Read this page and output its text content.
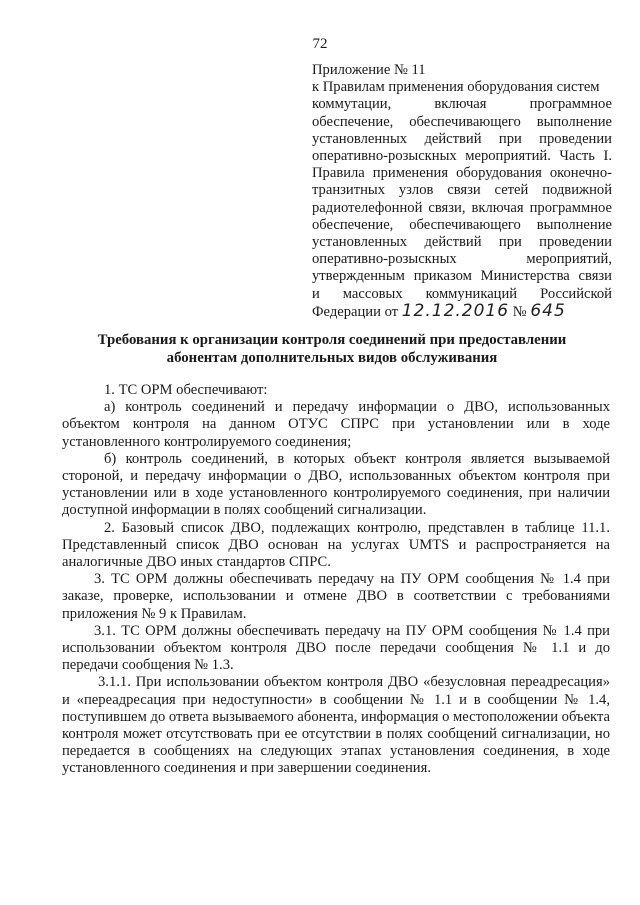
72
Приложение № 11
к Правилам применения оборудования систем
коммутации, включая программное
обеспечение, обеспечивающего выполнение
установленных действий при проведении
оперативно-розыскных мероприятий. Часть I.
Правила применения оборудования оконечно-
транзитных узлов связи сетей подвижной
радиотелефонной связи, включая программное
обеспечение, обеспечивающего выполнение
установленных действий при проведении
оперативно-розыскных мероприятий,
утвержденным приказом Министерства связи
и массовых коммуникаций Российской
Федерации от 12.12.2016 № 645
Требования к организации контроля соединений при предоставлении
абонентам дополнительных видов обслуживания

1. ТС ОРМ обеспечивают:

а) контроль соединений и передачу информации о ДВО, использованных объектом контроля на данном ОТУС СПРС при установлении или в ходе установленного контролируемого соединения;

б) контроль соединений, в которых объект контроля является вызываемой стороной, и передачу информации о ДВО, использованных объектом контроля при установлении или в ходе установленного контролируемого соединения, при наличии доступной информации в полях сообщений сигнализации.

2. Базовый список ДВО, подлежащих контролю, представлен в таблице 11.1. Представленный список ДВО основан на услугах UMTS и распространяется на аналогичные ДВО иных стандартов СПРС.

3. ТС ОРМ должны обеспечивать передачу на ПУ ОРМ сообщения № 1.4 при заказе, проверке, использовании и отмене ДВО в соответствии с требованиями приложения № 9 к Правилам.

3.1. ТС ОРМ должны обеспечивать передачу на ПУ ОРМ сообщения № 1.4 при использовании объектом контроля ДВО после передачи сообщения № 1.1 и до передачи сообщения № 1.3.

3.1.1. При использовании объектом контроля ДВО «безусловная переадресация» и «переадресация при недоступности» в сообщении № 1.1 и в сообщении № 1.4, поступившем до ответа вызываемого абонента, информация о местоположении объекта контроля может отсутствовать при ее отсутствии в полях сообщений сигнализации, но передается в сообщениях на следующих этапах установления соединения, в ходе установленного соединения и при завершении соединения.
